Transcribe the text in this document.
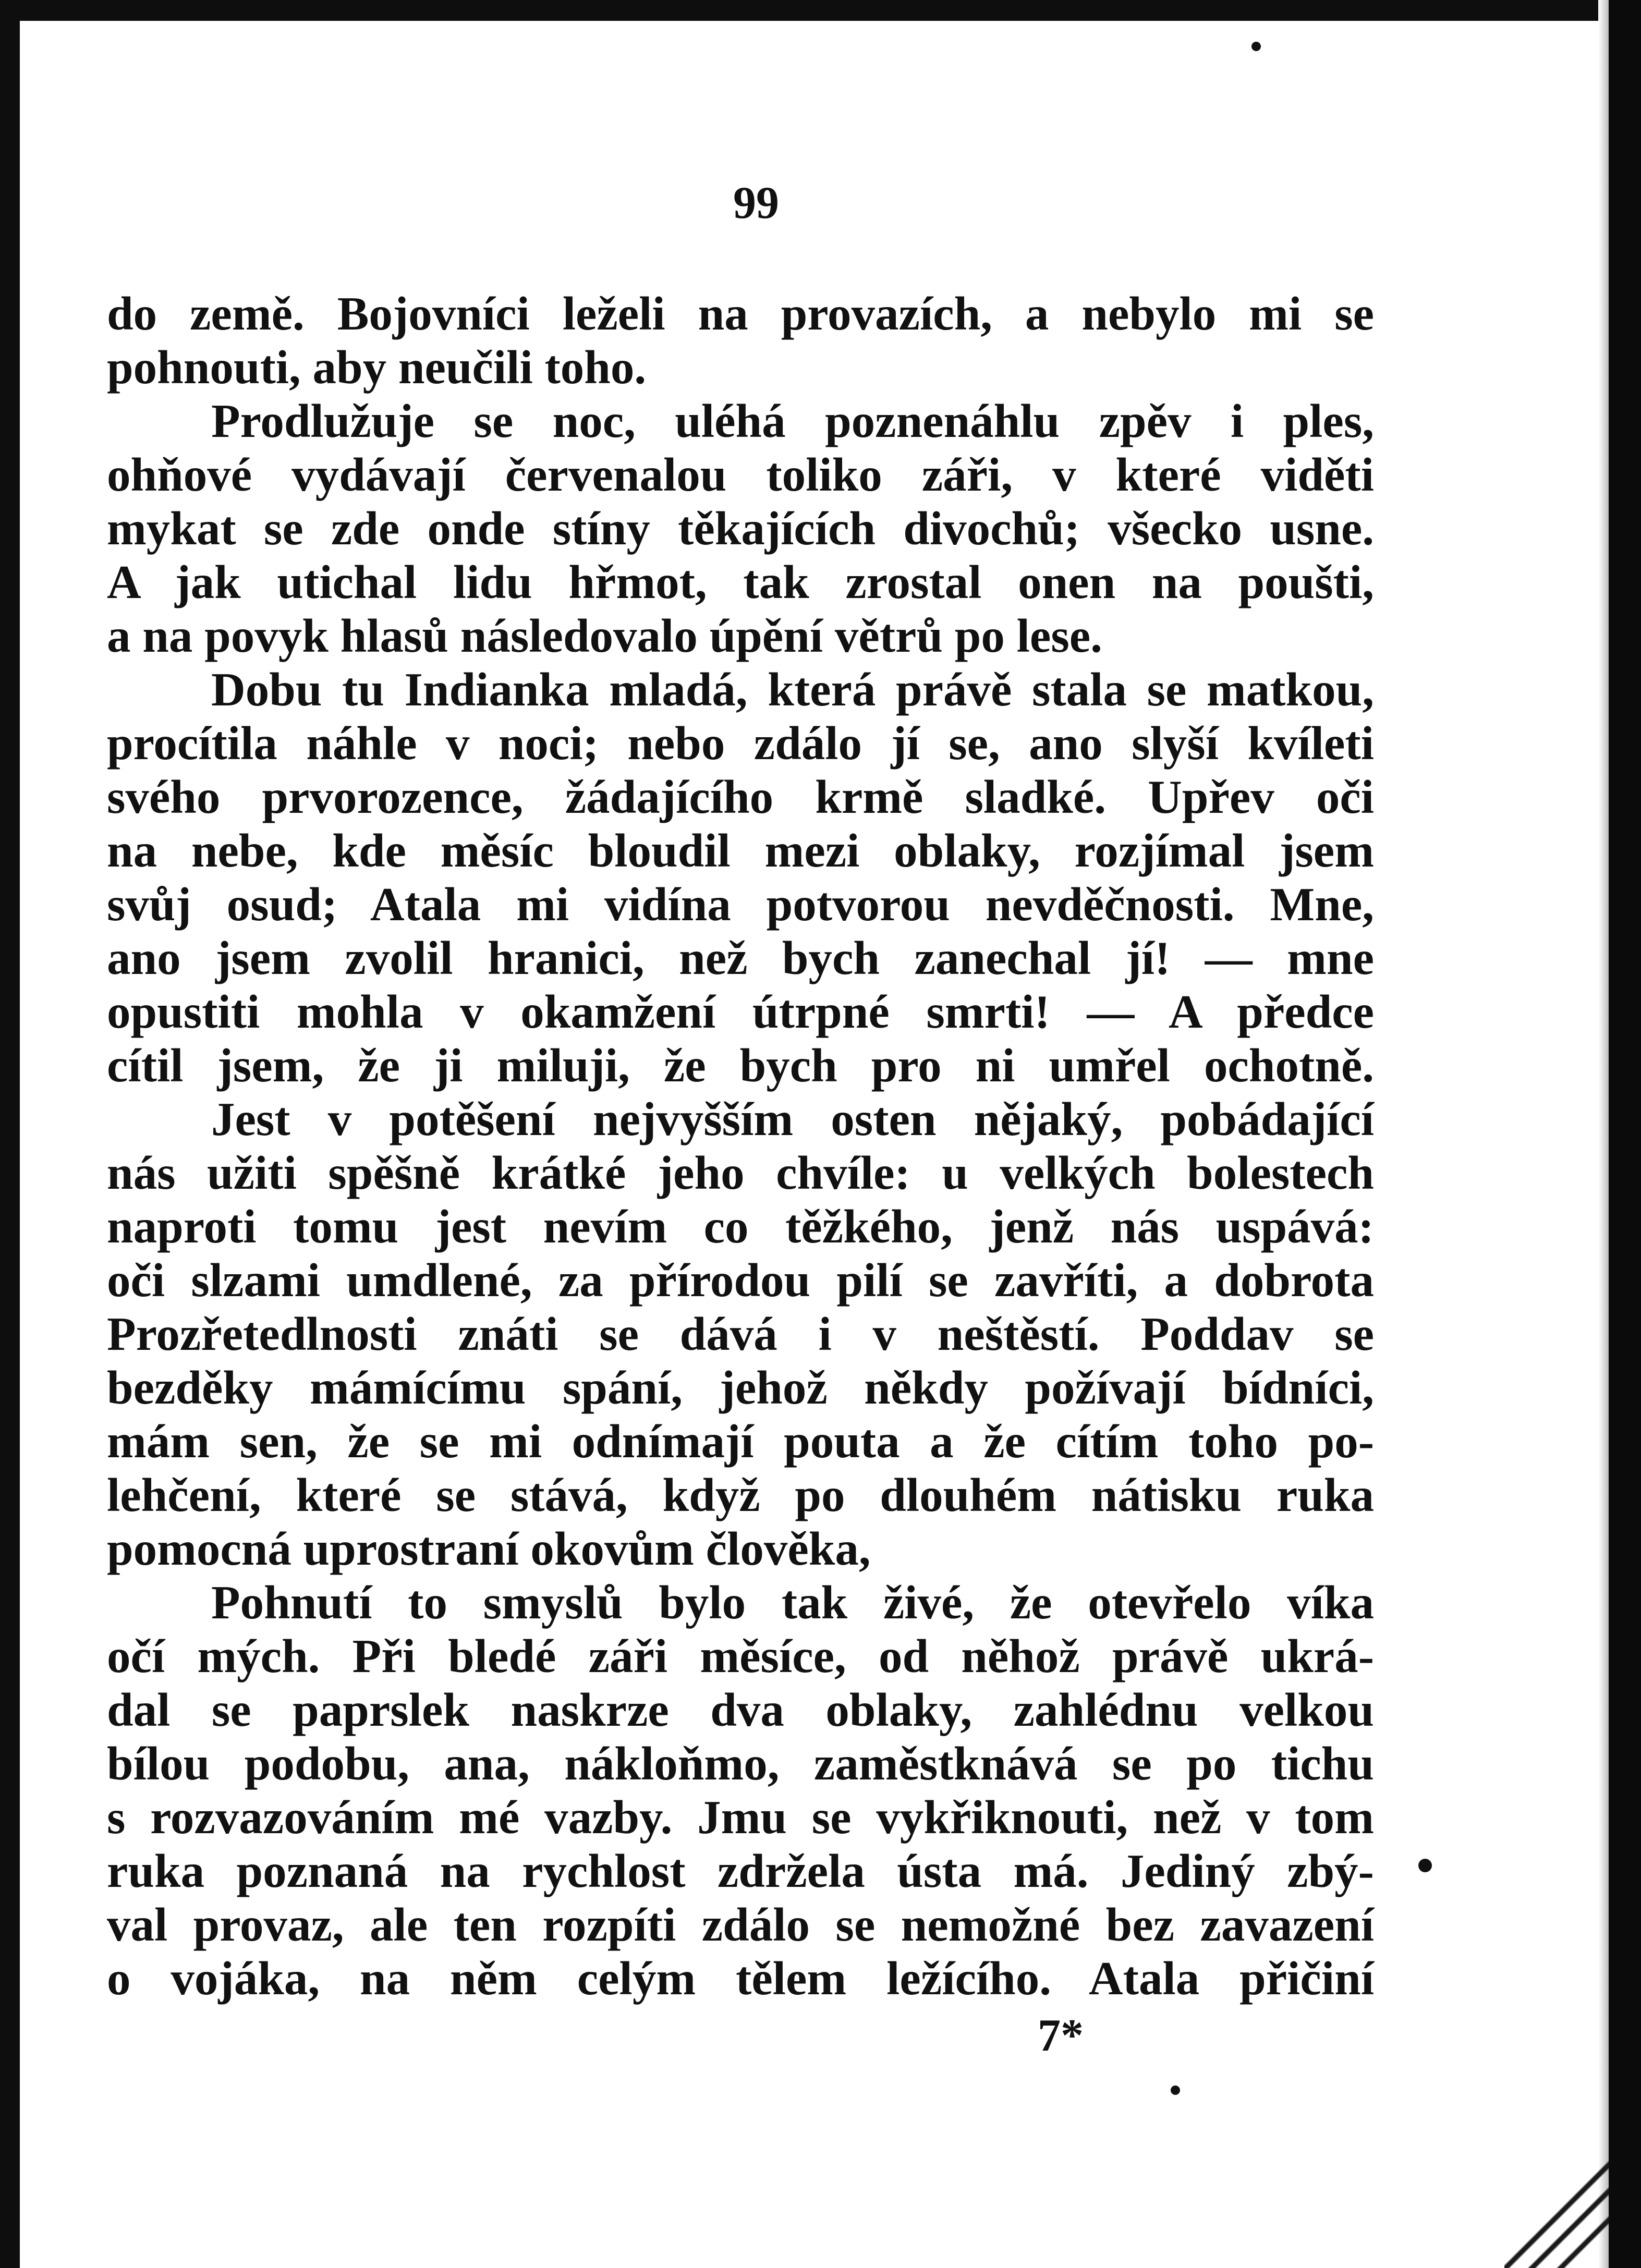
99
do země. Bojovníci leželi na provazích, a nebylo mi se
pohnouti, aby neučili toho.
Prodlužuje se noc, uléhá poznenáhlu zpěv i ples,
ohňové vydávají červenalou toliko záři, v které viděti
mykat se zde onde stíny těkajících divochů; všecko usne.
A jak utichal lidu hřmot, tak zrostal onen na poušti,
a na povyk hlasů následovalo úpění větrů po lese.
Dobu tu Indianka mladá, která právě stala se matkou,
procítila náhle v noci; nebo zdálo jí se, ano slyší kvíleti
svého prvorozence, žádajícího krmě sladké. Upřev oči
na nebe, kde měsíc bloudil mezi oblaky, rozjímal jsem
svůj osud; Atala mi vidína potvorou nevděčnosti. Mne,
ano jsem zvolil hranici, než bych zanechal jí! — mne
opustiti mohla v okamžení útrpné smrti! — A předce
cítil jsem, že ji miluji, že bych pro ni umřel ochotně.
Jest v potěšení nejvyšším osten nějaký, pobádající
nás užiti spěšně krátké jeho chvíle: u velkých bolestech
naproti tomu jest nevím co těžkého, jenž nás uspává:
oči slzami umdlené, za přírodou pilí se zavříti, a dobrota
Prozřetedlnosti znáti se dává i v neštěstí. Poddav se
bezděky mámícímu spání, jehož někdy požívají bídníci,
mám sen, že se mi odnímají pouta a že cítím toho po-
lehčení, které se stává, když po dlouhém nátisku ruka
pomocná uprostraní okovům člověka,
Pohnutí to smyslů bylo tak živé, že otevřelo víka
očí mých. Při bledé záři měsíce, od něhož právě ukrá-
dal se paprslek naskrze dva oblaky, zahlédnu velkou
bílou podobu, ana, nákloňmo, zaměstknává se po tichu
s rozvazováním mé vazby. Jmu se vykřiknouti, než v tom
ruka poznaná na rychlost zdržela ústa má. Jediný zbý-
val provaz, ale ten rozpíti zdálo se nemožné bez zavazení
o vojáka, na něm celým tělem ležícího. Atala přičiní
7*
